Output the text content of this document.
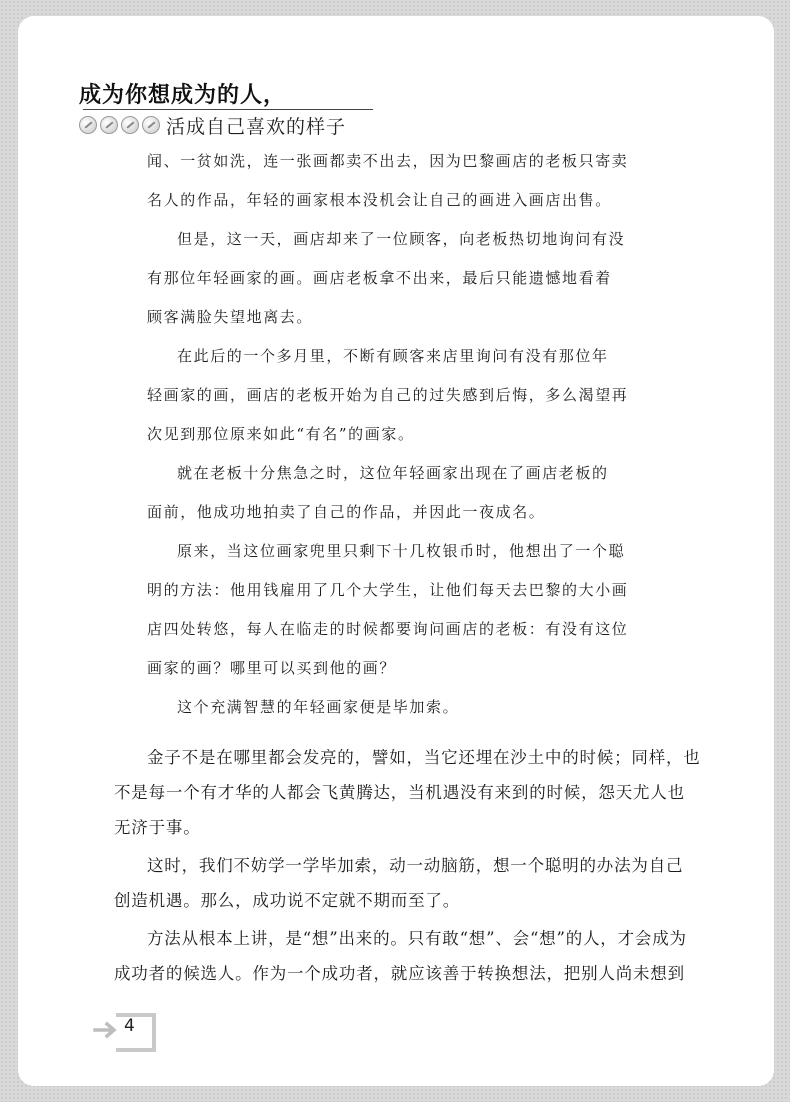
成为你想成为的人，
活成自己喜欢的样子

闻、一贫如洗，连一张画都卖不出去，因为巴黎画店的老板只寄卖
名人的作品，年轻的画家根本没机会让自己的画进入画店出售。

但是，这一天，画店却来了一位顾客，向老板热切地询问有没
有那位年轻画家的画。画店老板拿不出来，最后只能遗憾地看着
顾客满脸失望地离去。

在此后的一个多月里，不断有顾客来店里询问有没有那位年
轻画家的画，画店的老板开始为自己的过失感到后悔，多么渴望再
次见到那位原来如此“有名”的画家。

就在老板十分焦急之时，这位年轻画家出现在了画店老板的
面前，他成功地拍卖了自己的作品，并因此一夜成名。

原来，当这位画家兜里只剩下十几枚银币时，他想出了一个聪
明的方法：他用钱雇用了几个大学生，让他们每天去巴黎的大小画
店四处转悠，每人在临走的时候都要询问画店的老板：有没有这位
画家的画？哪里可以买到他的画？

这个充满智慧的年轻画家便是毕加索。

金子不是在哪里都会发亮的，譬如，当它还埋在沙土中的时候；同样，也
不是每一个有才华的人都会飞黄腾达，当机遇没有来到的时候，怨天尤人也
无济于事。

这时，我们不妨学一学毕加索，动一动脑筋，想一个聪明的办法为自己
创造机遇。那么，成功说不定就不期而至了。

方法从根本上讲，是“想”出来的。只有敢“想”、会“想”的人，才会成为
成功者的候选人。作为一个成功者，就应该善于转换想法，把别人尚未想到

4
